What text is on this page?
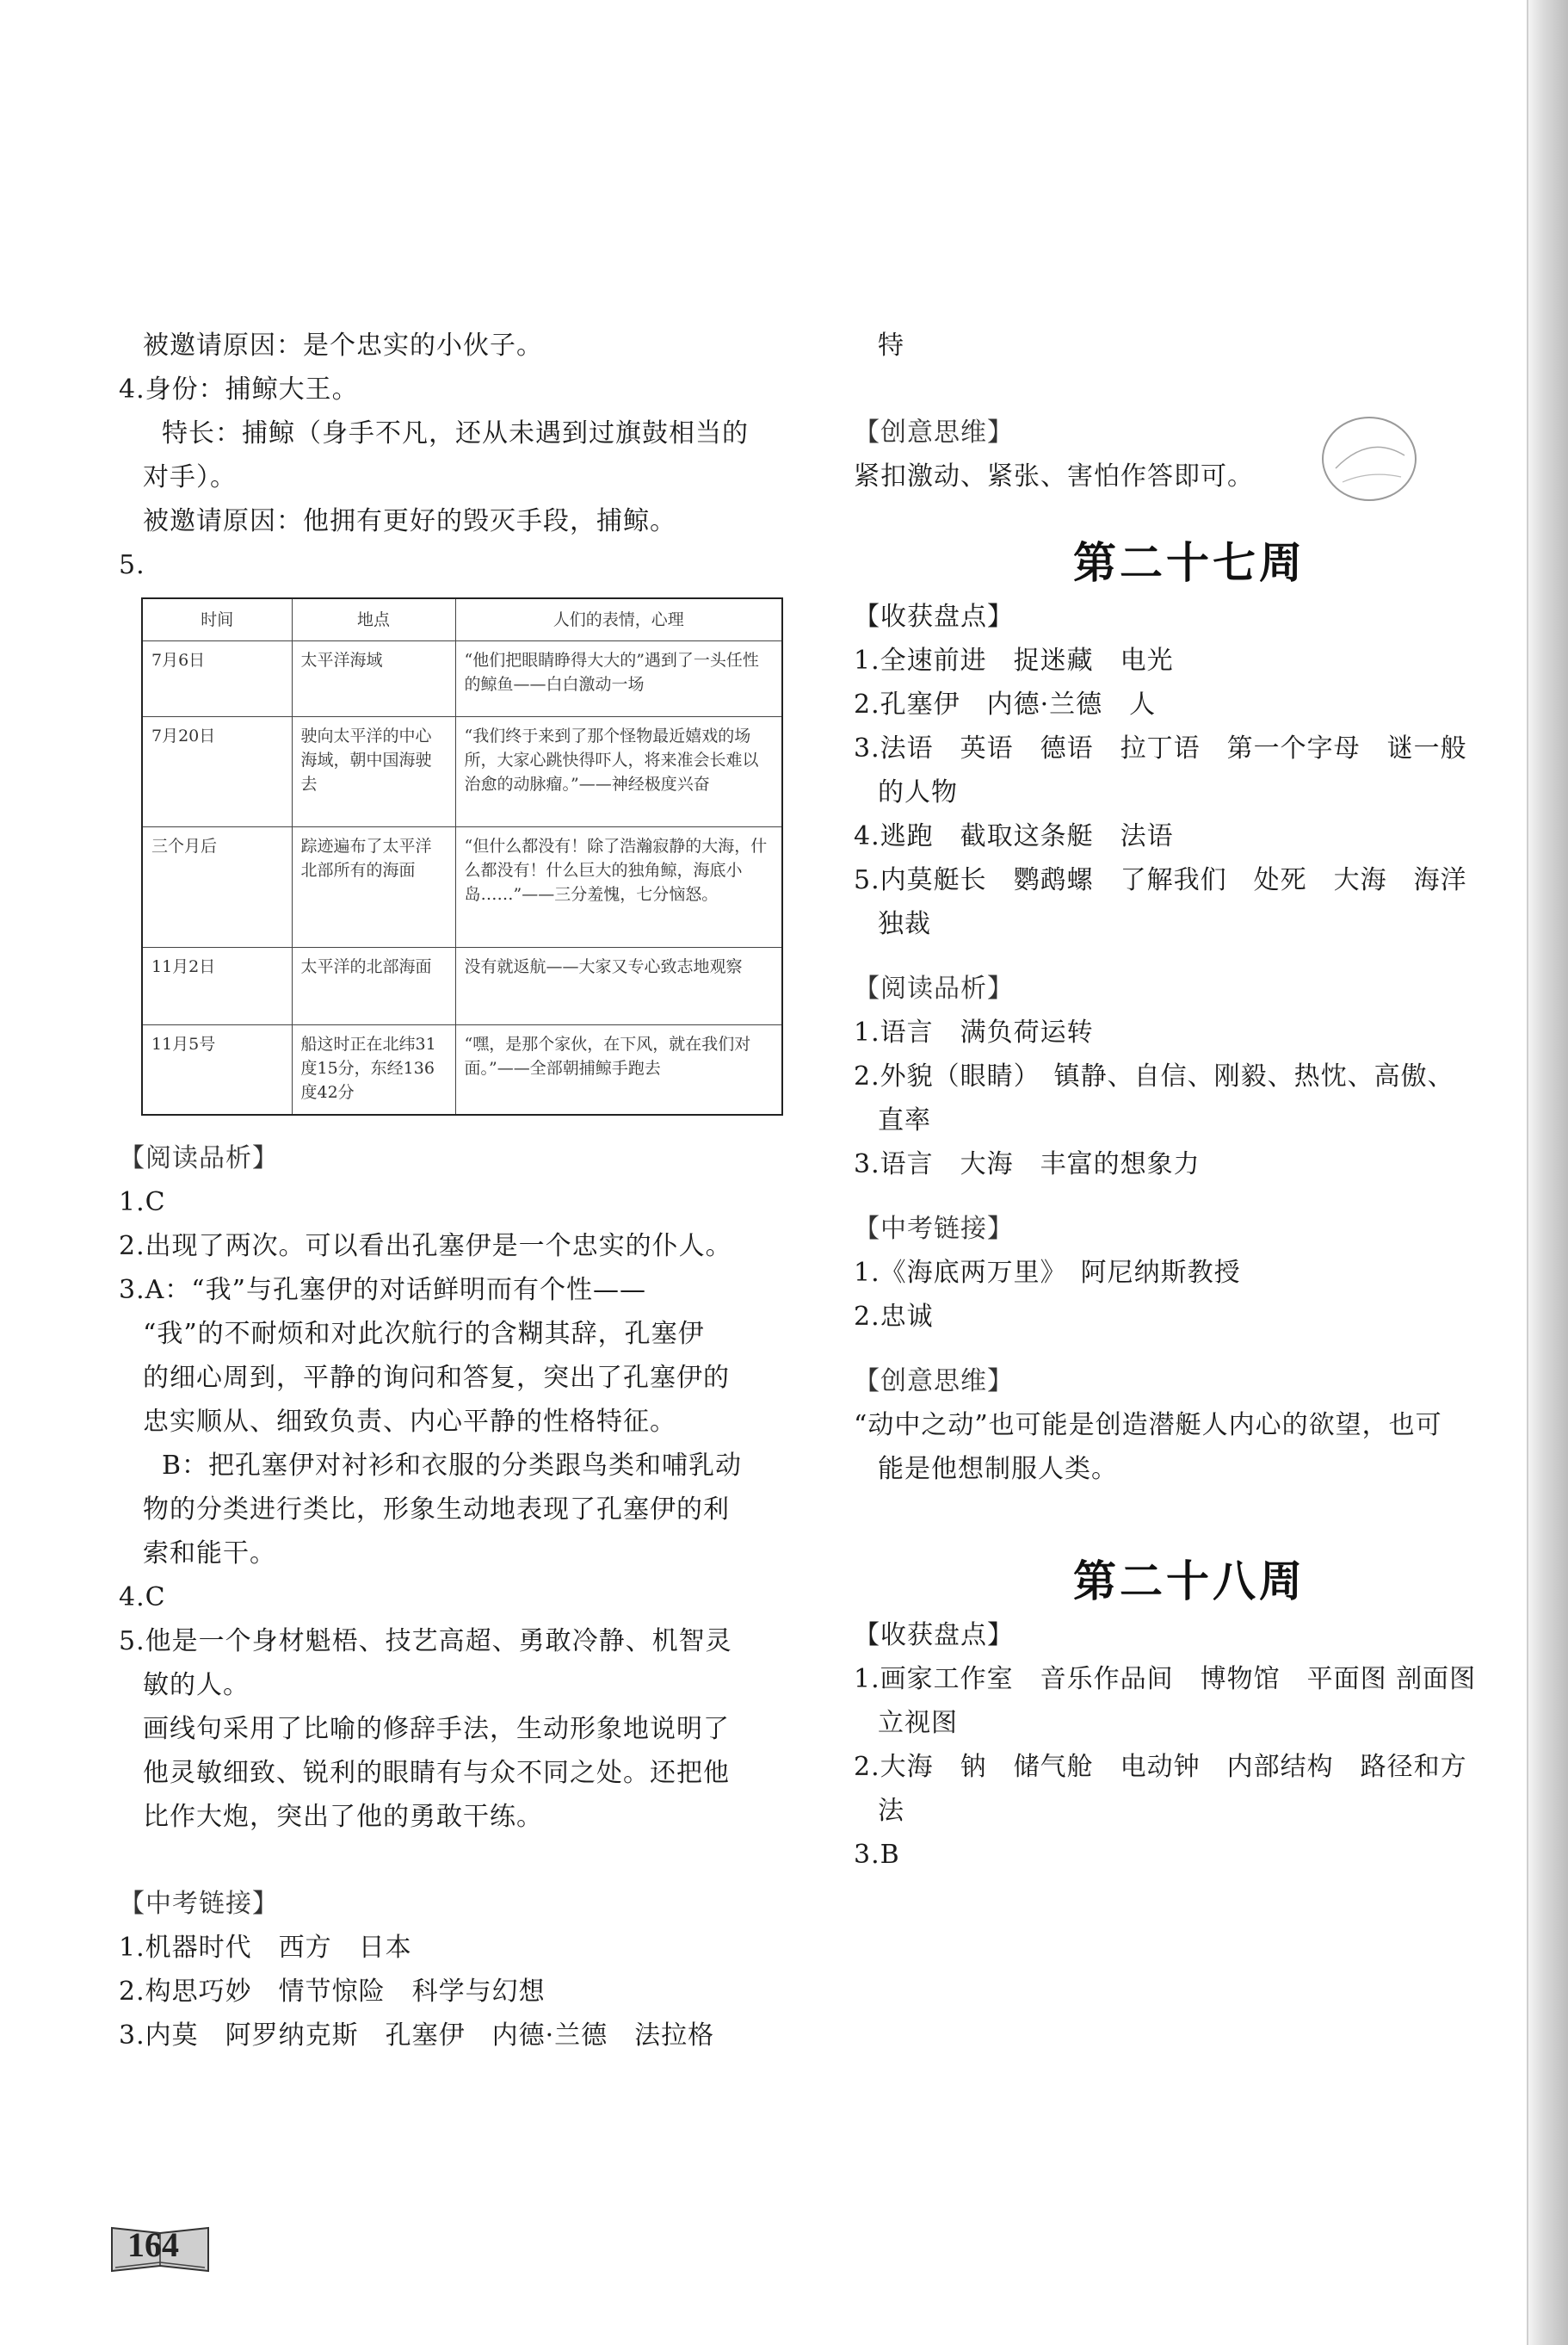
被邀请原因：是个忠实的小伙子。
4.身份：捕鲸大王。
特长：捕鲸（身手不凡，还从未遇到过旗鼓相当的
对手）。
被邀请原因：他拥有更好的毁灭手段，捕鲸。
5.
时间	地点	人们的表情，心理
7月6日	太平洋海域	“他们把眼睛睁得大大的”遇到了一头任性的鲸鱼——白白激动一场
7月20日	驶向太平洋的中心海域，朝中国海驶去	“我们终于来到了那个怪物最近嬉戏的场所，大家心跳快得吓人，将来准会长难以治愈的动脉瘤。”——神经极度兴奋
三个月后	踪迹遍布了太平洋北部所有的海面	“但什么都没有！除了浩瀚寂静的大海，什么都没有！什么巨大的独角鲸，海底小岛……”——三分羞愧，七分恼怒。
11月2日	太平洋的北部海面	没有就返航——大家又专心致志地观察
11月5号	船这时正在北纬31度15分，东经136度42分	“嘿，是那个家伙，在下风，就在我们对面。”——全部朝捕鲸手跑去
【 阅读品析 】
1.C
2.出现了两次。可以看出孔塞伊是一个忠实的仆人。
3.A：“我”与孔塞伊的对话鲜明而有个性——
“我”的不耐烦和对此次航行的含糊其辞，孔塞伊
的细心周到，平静的询问和答复，突出了孔塞伊的
忠实顺从、细致负责、内心平静的性格特征。
B：把孔塞伊对衬衫和衣服的分类跟鸟类和哺乳动
物的分类进行类比，形象生动地表现了孔塞伊的利
索和能干。
4.C
5.他是一个身材魁梧、技艺高超、勇敢冷静、机智灵
敏的人。
画线句采用了比喻的修辞手法，生动形象地说明了
他灵敏细致、锐利的眼睛有与众不同之处。还把他
比作大炮，突出了他的勇敢干练。
【 中考链接 】
1.机器时代　西方　日本
2.构思巧妙　情节惊险　科学与幻想
3.内莫　阿罗纳克斯　孔塞伊　内德·兰德　法拉格
特
【 创意思维 】
紧扣激动、紧张、害怕作答即可。
第二十七周
【收获盘点】
1.全速前进　捉迷藏　电光
2.孔塞伊　内德·兰德　人
3.法语　英语　德语　拉丁语　第一个字母　谜一般
的人物
4.逃跑　截取这条艇　法语
5.内莫艇长　鹦鹉螺　了解我们　处死　大海　海洋
独裁
【 阅读品析 】
1.语言　满负荷运转
2.外貌（眼睛）　镇静、自信、刚毅、热忱、高傲、
直率
3.语言　大海　丰富的想象力
【 中考链接 】
1.《海底两万里》　阿尼纳斯教授
2.忠诚
【 创意思维 】
“动中之动”也可能是创造潜艇人内心的欲望，也可
能是他想制服人类。
第二十八周
【收获盘点】
1.画家工作室　音乐作品间　博物馆　平面图 剖面图
立视图
2.大海　钠　储气舱　电动钟　内部结构　路径和方
法
3.B
164
